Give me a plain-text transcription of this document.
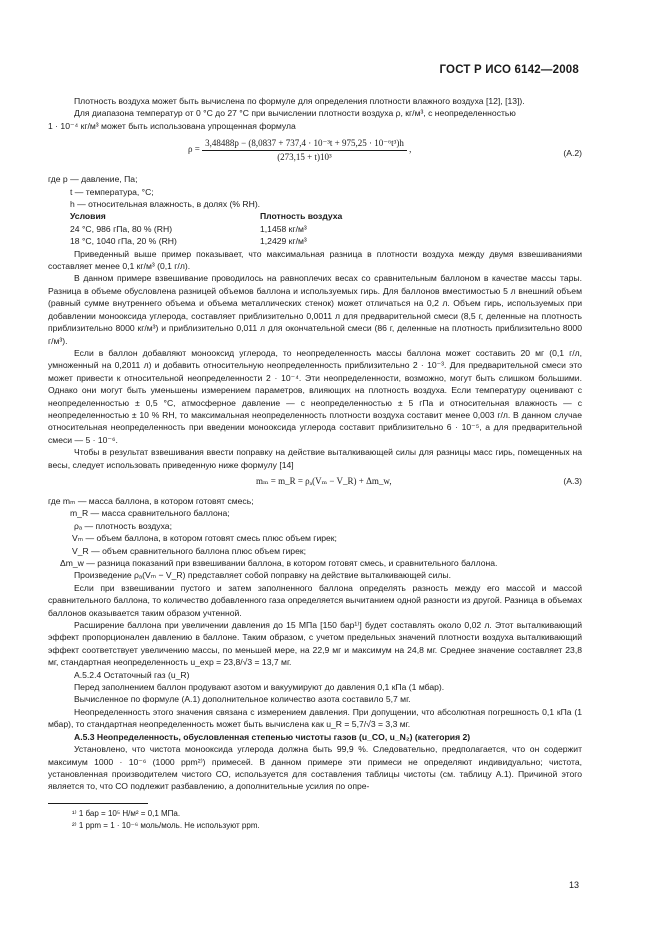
ГОСТ Р ИСО 6142—2008

Плотность воздуха может быть вычислена по формуле для определения плотности влажного воздуха [12], [13]).

Для диапазона температур от 0 °С до 27 °С при вычислении плотности воздуха ρ, кг/м³, с неопределенностью

1 · 10⁻⁴ кг/м³ может быть использована упрощенная формула

$\rho = \frac{\text{3,48488p − (8,0837 + 737,4 · 10⁻³t + 975,25 · 10⁻⁶t³)h}}{\text{(273,15 + t)10³}}$ ,	(А.2)
где p — давление, Па;
t — температура, °С;
h — относительная влажность, в долях (% RH).
Условия	Плотность воздуха
24 °С, 986 гПа, 80 % (RH)	1,1458 кг/м³
18 °С, 1040 гПа, 20 % (RH)	1,2429 кг/м³

Приведенный выше пример показывает, что максимальная разница в плотности воздуха между двумя взвешиваниями составляет менее 0,1 кг/м³ (0,1 г/л).

В данном примере взвешивание проводилось на равноплечих весах со сравнительным баллоном в качестве массы тары. Разница в объеме обусловлена разницей объемов баллона и используемых гирь. Для баллонов вместимостью 5 л внешний объем (равный сумме внутреннего объема и объема металлических стенок) может отличаться на 0,2 л. Объем гирь, используемых при добавлении монооксида углерода, составляет приблизительно 0,0011 л для предварительной смеси (8,5 г, деленные на плотность приблизительно 8000 кг/м³) и приблизительно 0,011 л для окончательной смеси (86 г, деленные на плотность приблизительно 8000 г/м³).

Если в баллон добавляют монооксид углерода, то неопределенность массы баллона может составить 20 мг (0,1 г/л, умноженный на 0,2011 л) и добавить относительную неопределенность приблизительно 2 · 10⁻³. Для предварительной смеси это может привести к относительной неопределенности 2 · 10⁻⁴. Эти неопределенности, возможно, могут быть слишком большими. Однако они могут быть уменьшены измерением параметров, влияющих на плотность воздуха. Если температуру оценивают с неопределенностью ± 0,5 °С, атмосферное давление — с неопределенностью ± 5 гПа и относительная влажность — с неопределенностью ± 10 % RH, то максимальная неопределенность плотности воздуха составит менее 0,003 г/л. В данном случае относительная неопределенность при введении монооксида углерода составит приблизительно 6 · 10⁻⁵, а для предварительной смеси — 5 · 10⁻⁶.

Чтобы в результат взвешивания ввести поправку на действие выталкивающей силы для разницы масс гирь, помещенных на весы, следует использовать приведенную ниже формулу [14]

mₘ = m_R = ρₐ(Vₘ − V_R) + Δm_w,	(А.3)
где mₘ — масса баллона, в котором готовят смесь;
m_R — масса сравнительного баллона;
ρₐ — плотность воздуха;
Vₘ — объем баллона, в котором готовят смесь плюс объем гирек;
V_R — объем сравнительного баллона плюс объем гирек;
Δm_w — разница показаний при взвешивании баллона, в котором готовят смесь, и сравнительного баллона.

Произведение ρₐ(Vₘ − V_R) представляет собой поправку на действие выталкивающей силы.

Если при взвешивании пустого и затем заполненного баллона определять разность между его массой и массой сравнительного баллона, то количество добавленного газа определяется вычитанием одной разности из другой. Разница в объемах баллонов оказывается таким образом учтенной.

Расширение баллона при увеличении давления до 15 МПа [150 бар¹⁾] будет составлять около 0,02 л. Этот выталкивающий эффект пропорционален давлению в баллоне. Таким образом, с учетом предельных значений плотности воздуха выталкивающий эффект соответствует увеличению массы, по меньшей мере, на 22,9 мг и максимум на 24,8 мг. Среднее значение составляет 23,8 мг, стандартная неопределенность u_exp = 23,8/√3 = 13,7 мг.

А.5.2.4 Остаточный газ (u_R)

Перед заполнением баллон продувают азотом и вакуумируют до давления 0,1 кПа (1 мбар).

Вычисленное по формуле (А.1) дополнительное количество азота составило 5,7 мг.

Неопределенность этого значения связана с измерением давления. При допущении, что абсолютная погрешность 0,1 кПа (1 мбар), то стандартная неопределенность может быть вычислена как u_R = 5,7/√3 = 3,3 мг.

А.5.3 Неопределенность, обусловленная степенью чистоты газов (u_CO, u_N₂) (категория 2)

Установлено, что чистота монооксида углерода должна быть 99,9 %. Следовательно, предполагается, что он содержит максимум 1000 · 10⁻⁶ (1000 ppm²⁾) примесей. В данном примере эти примеси не определяют индивидуально; чистота, установленная производителем чистого СО, используется для составления таблицы чистоты (см. таблицу А.1). Причиной этого является то, что СО подлежит разбавлению, а дополнительные усилия по опре-

¹⁾ 1 бар = 10⁵ Н/м² = 0,1 МПа.
²⁾ 1 ppm = 1 · 10⁻⁶ моль/моль. Не используют ppm.
13
